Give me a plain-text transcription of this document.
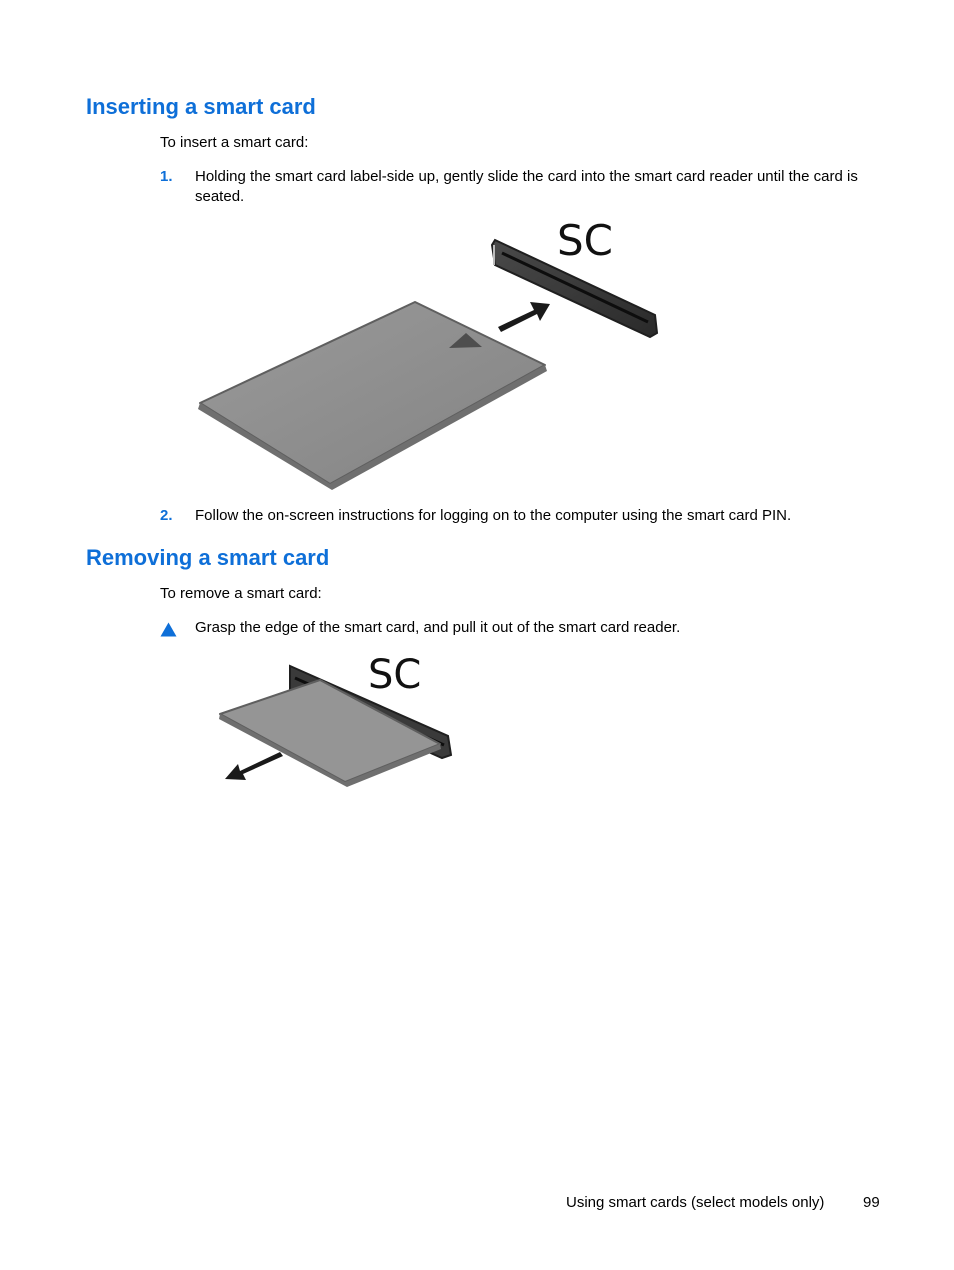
Inserting a smart card
To insert a smart card:
1. Holding the smart card label-side up, gently slide the card into the smart card reader until the card is seated.
SC
2. Follow the on-screen instructions for logging on to the computer using the smart card PIN.
Removing a smart card
To remove a smart card:
Grasp the edge of the smart card, and pull it out of the smart card reader.
SC
Using smart cards (select models only)	99
